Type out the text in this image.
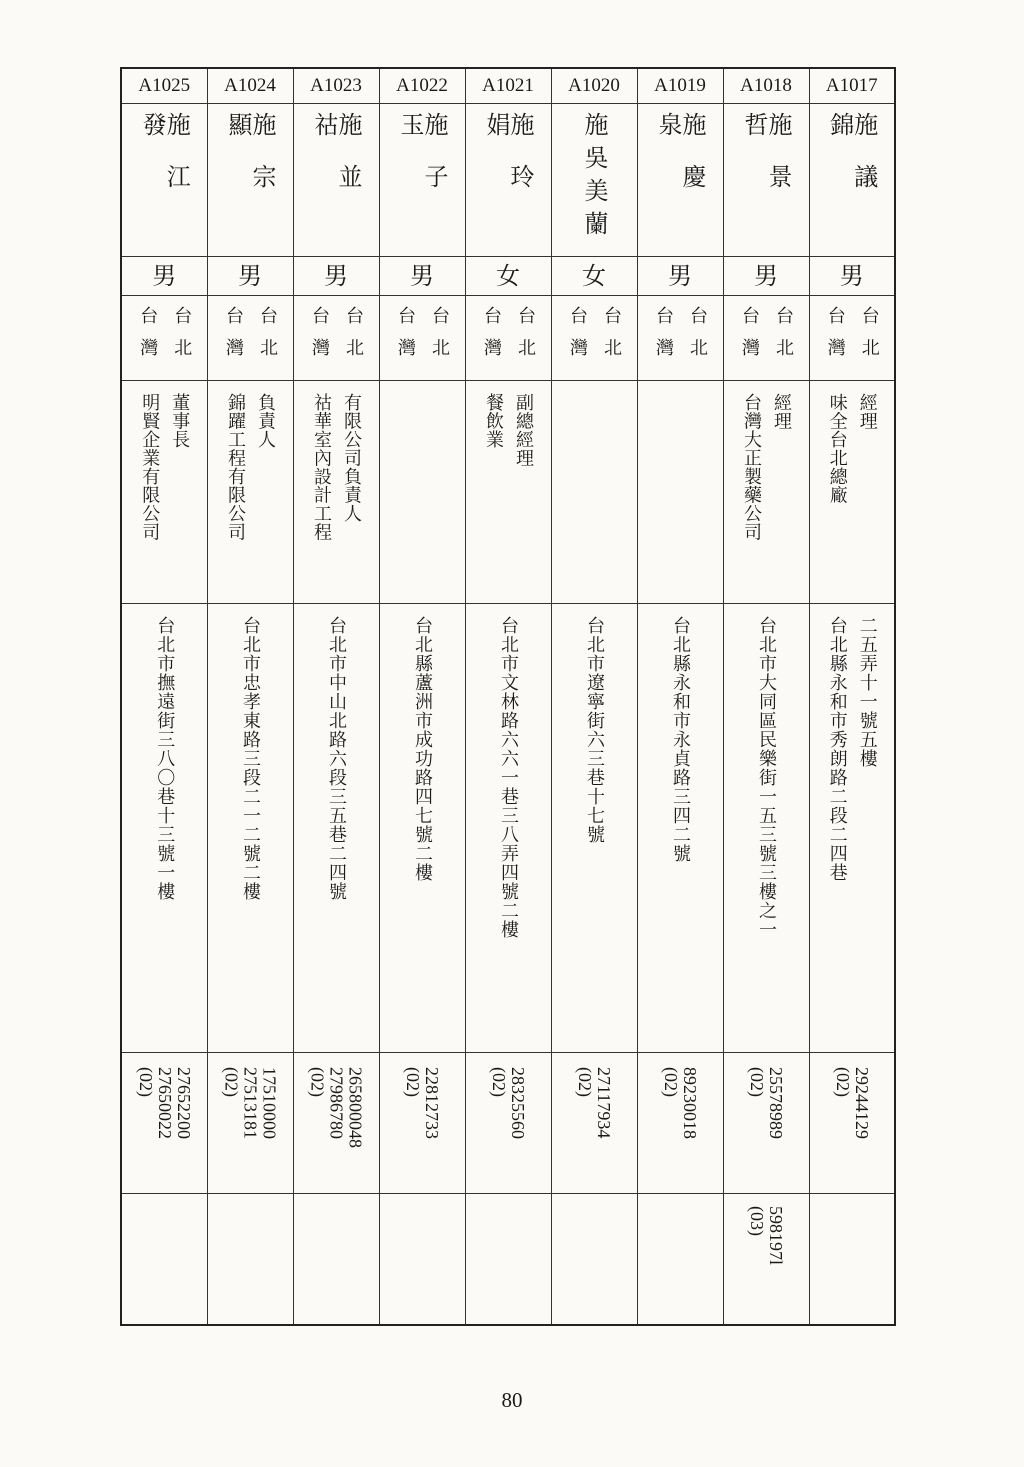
A1025	A1024	A1023	A1022	A1021	A1020	A1019	A1018	A1017

施江發	施宗顯	施並祜	施子玉	施玲娟	施吳美蘭	施慶泉	施景哲	施議錦

男	男	男	男	女	女	男	男	男

台灣 台北	台灣 台北	台灣 台北	台灣 台北	台灣 台北	台灣 台北	台灣 台北	台灣 台北	台灣 台北

明賢企業有限公司 董事長	錦躍工程有限公司 負責人	祜華室內設計工程 有限公司負責人		餐飲業 副總經理			台灣大正製藥公司 經理	味全台北總廠 經理

台北市撫遠街三八〇巷十三號一樓	台北市忠孝東路三段二一二號二樓	台北市中山北路六段三五巷二四號	台北縣蘆洲市成功路四七號二樓	台北市文林路六六一巷三八弄四號二樓	台北市遼寧街六三巷十七號	台北縣永和市永貞路三四二號	台北市大同區民樂街一五三號三樓之一	台北縣永和市秀朗路二段二四巷 二五弄十一號五樓

(02) 27650022 27652200	(02) 27513181 17510000	(02) 27986780 265800048	(02) 22812733	(02) 28325560	(02) 27117934	(02) 89230018	(02) 25578989	(02) 29244129

							(03) 598197l	

80
